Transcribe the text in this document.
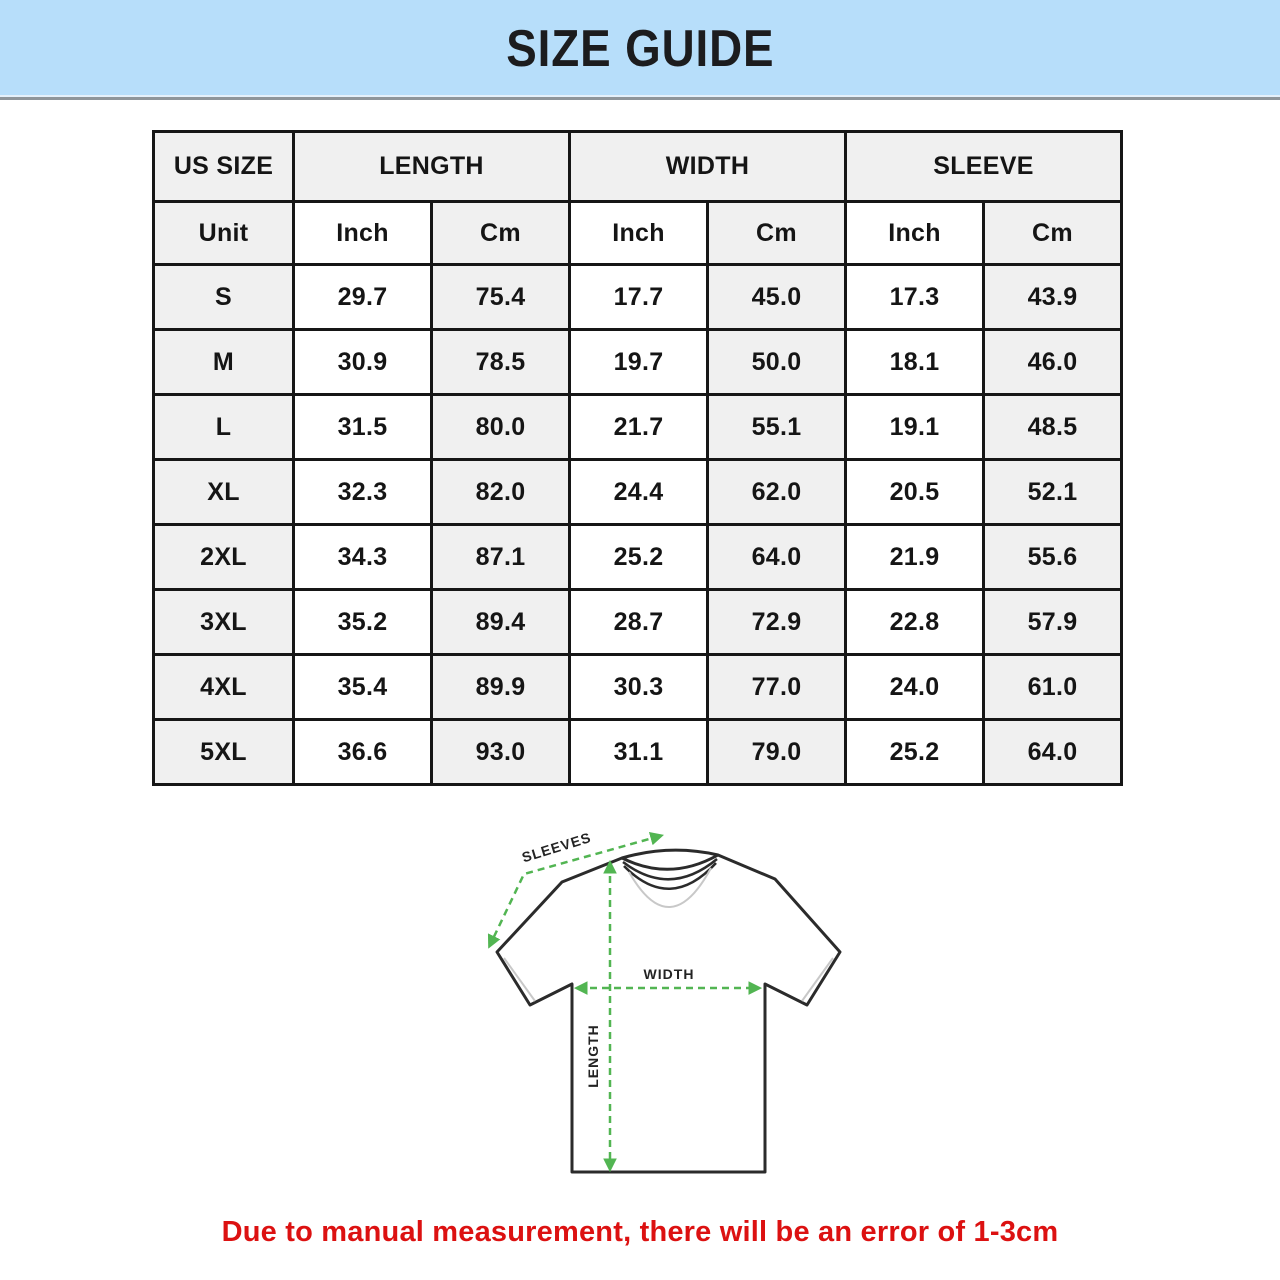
SIZE GUIDE
US SIZE	LENGTH		WIDTH		SLEEVE	
Unit	Inch	Cm	Inch	Cm	Inch	Cm
S	29.7	75.4	17.7	45.0	17.3	43.9
M	30.9	78.5	19.7	50.0	18.1	46.0
L	31.5	80.0	21.7	55.1	19.1	48.5
XL	32.3	82.0	24.4	62.0	20.5	52.1
2XL	34.3	87.1	25.2	64.0	21.9	55.6
3XL	35.2	89.4	28.7	72.9	22.8	57.9
4XL	35.4	89.9	30.3	77.0	24.0	61.0
5XL	36.6	93.0	31.1	79.0	25.2	64.0
WIDTH
LENGTH
SLEEVES
Due to manual measurement, there will be an error of 1-3cm
